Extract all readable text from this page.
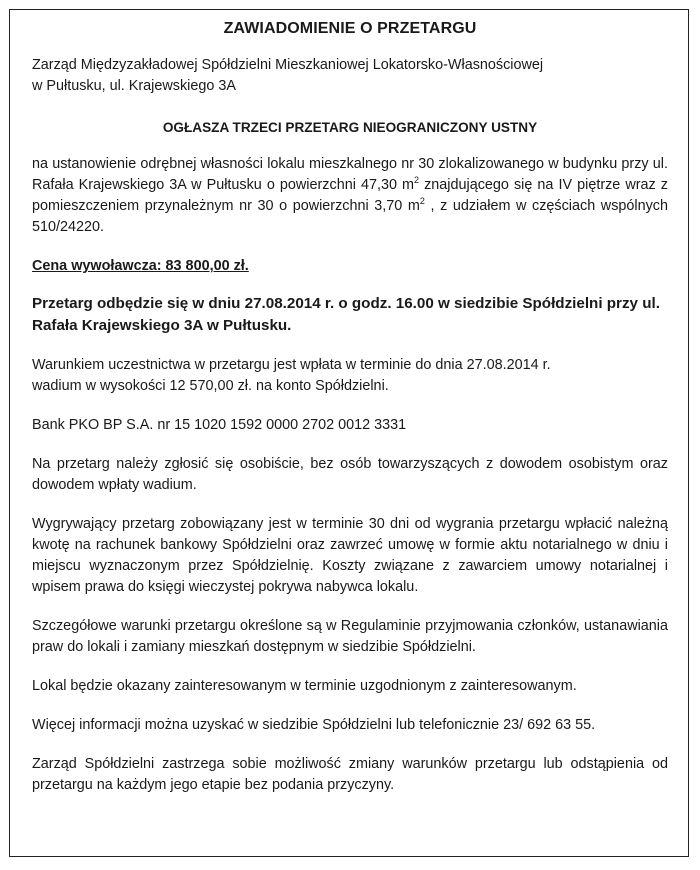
ZAWIADOMIENIE O PRZETARGU

Zarząd Międzyzakładowej Spółdzielni Mieszkaniowej Lokatorsko-Własnościowej
w Pułtusku, ul. Krajewskiego 3A

OGŁASZA TRZECI PRZETARG NIEOGRANICZONY USTNY

na ustanowienie odrębnej własności lokalu mieszkalnego nr 30 zlokalizowanego w budynku przy ul. Rafała Krajewskiego 3A w Pułtusku o powierzchni 47,30 $m^2$ znajdującego się na IV piętrze wraz z pomieszczeniem przynależnym nr 30 o powierzchni 3,70 $m^2$ , z udziałem w częściach wspólnych 510/24220.

Cena wywoławcza: 83 800,00 zł.

Przetarg odbędzie się w dniu 27.08.2014 r. o godz. 16.00 w siedzibie Spółdzielni przy ul. Rafała Krajewskiego 3A w Pułtusku.

Warunkiem uczestnictwa w przetargu jest wpłata w terminie do dnia 27.08.2014 r.
wadium w wysokości 12 570,00 zł. na konto Spółdzielni.

Bank PKO BP S.A. nr 15 1020 1592 0000 2702 0012 3331

Na przetarg należy zgłosić się osobiście, bez osób towarzyszących z dowodem osobistym oraz dowodem wpłaty wadium.

Wygrywający przetarg zobowiązany jest w terminie 30 dni od wygrania przetargu wpłacić należną kwotę na rachunek bankowy Spółdzielni oraz zawrzeć umowę w formie aktu notarialnego w dniu i miejscu wyznaczonym przez Spółdzielnię. Koszty związane z zawarciem umowy notarialnej i wpisem prawa do księgi wieczystej pokrywa nabywca lokalu.

Szczegółowe warunki przetargu określone są w Regulaminie przyjmowania członków, ustanawiania praw do lokali i zamiany mieszkań dostępnym w siedzibie Spółdzielni.

Lokal będzie okazany zainteresowanym w terminie uzgodnionym z zainteresowanym.

Więcej informacji można uzyskać w siedzibie Spółdzielni lub telefonicznie 23/ 692 63 55.

Zarząd Spółdzielni zastrzega sobie możliwość zmiany warunków przetargu lub odstąpienia od przetargu na każdym jego etapie bez podania przyczyny.
